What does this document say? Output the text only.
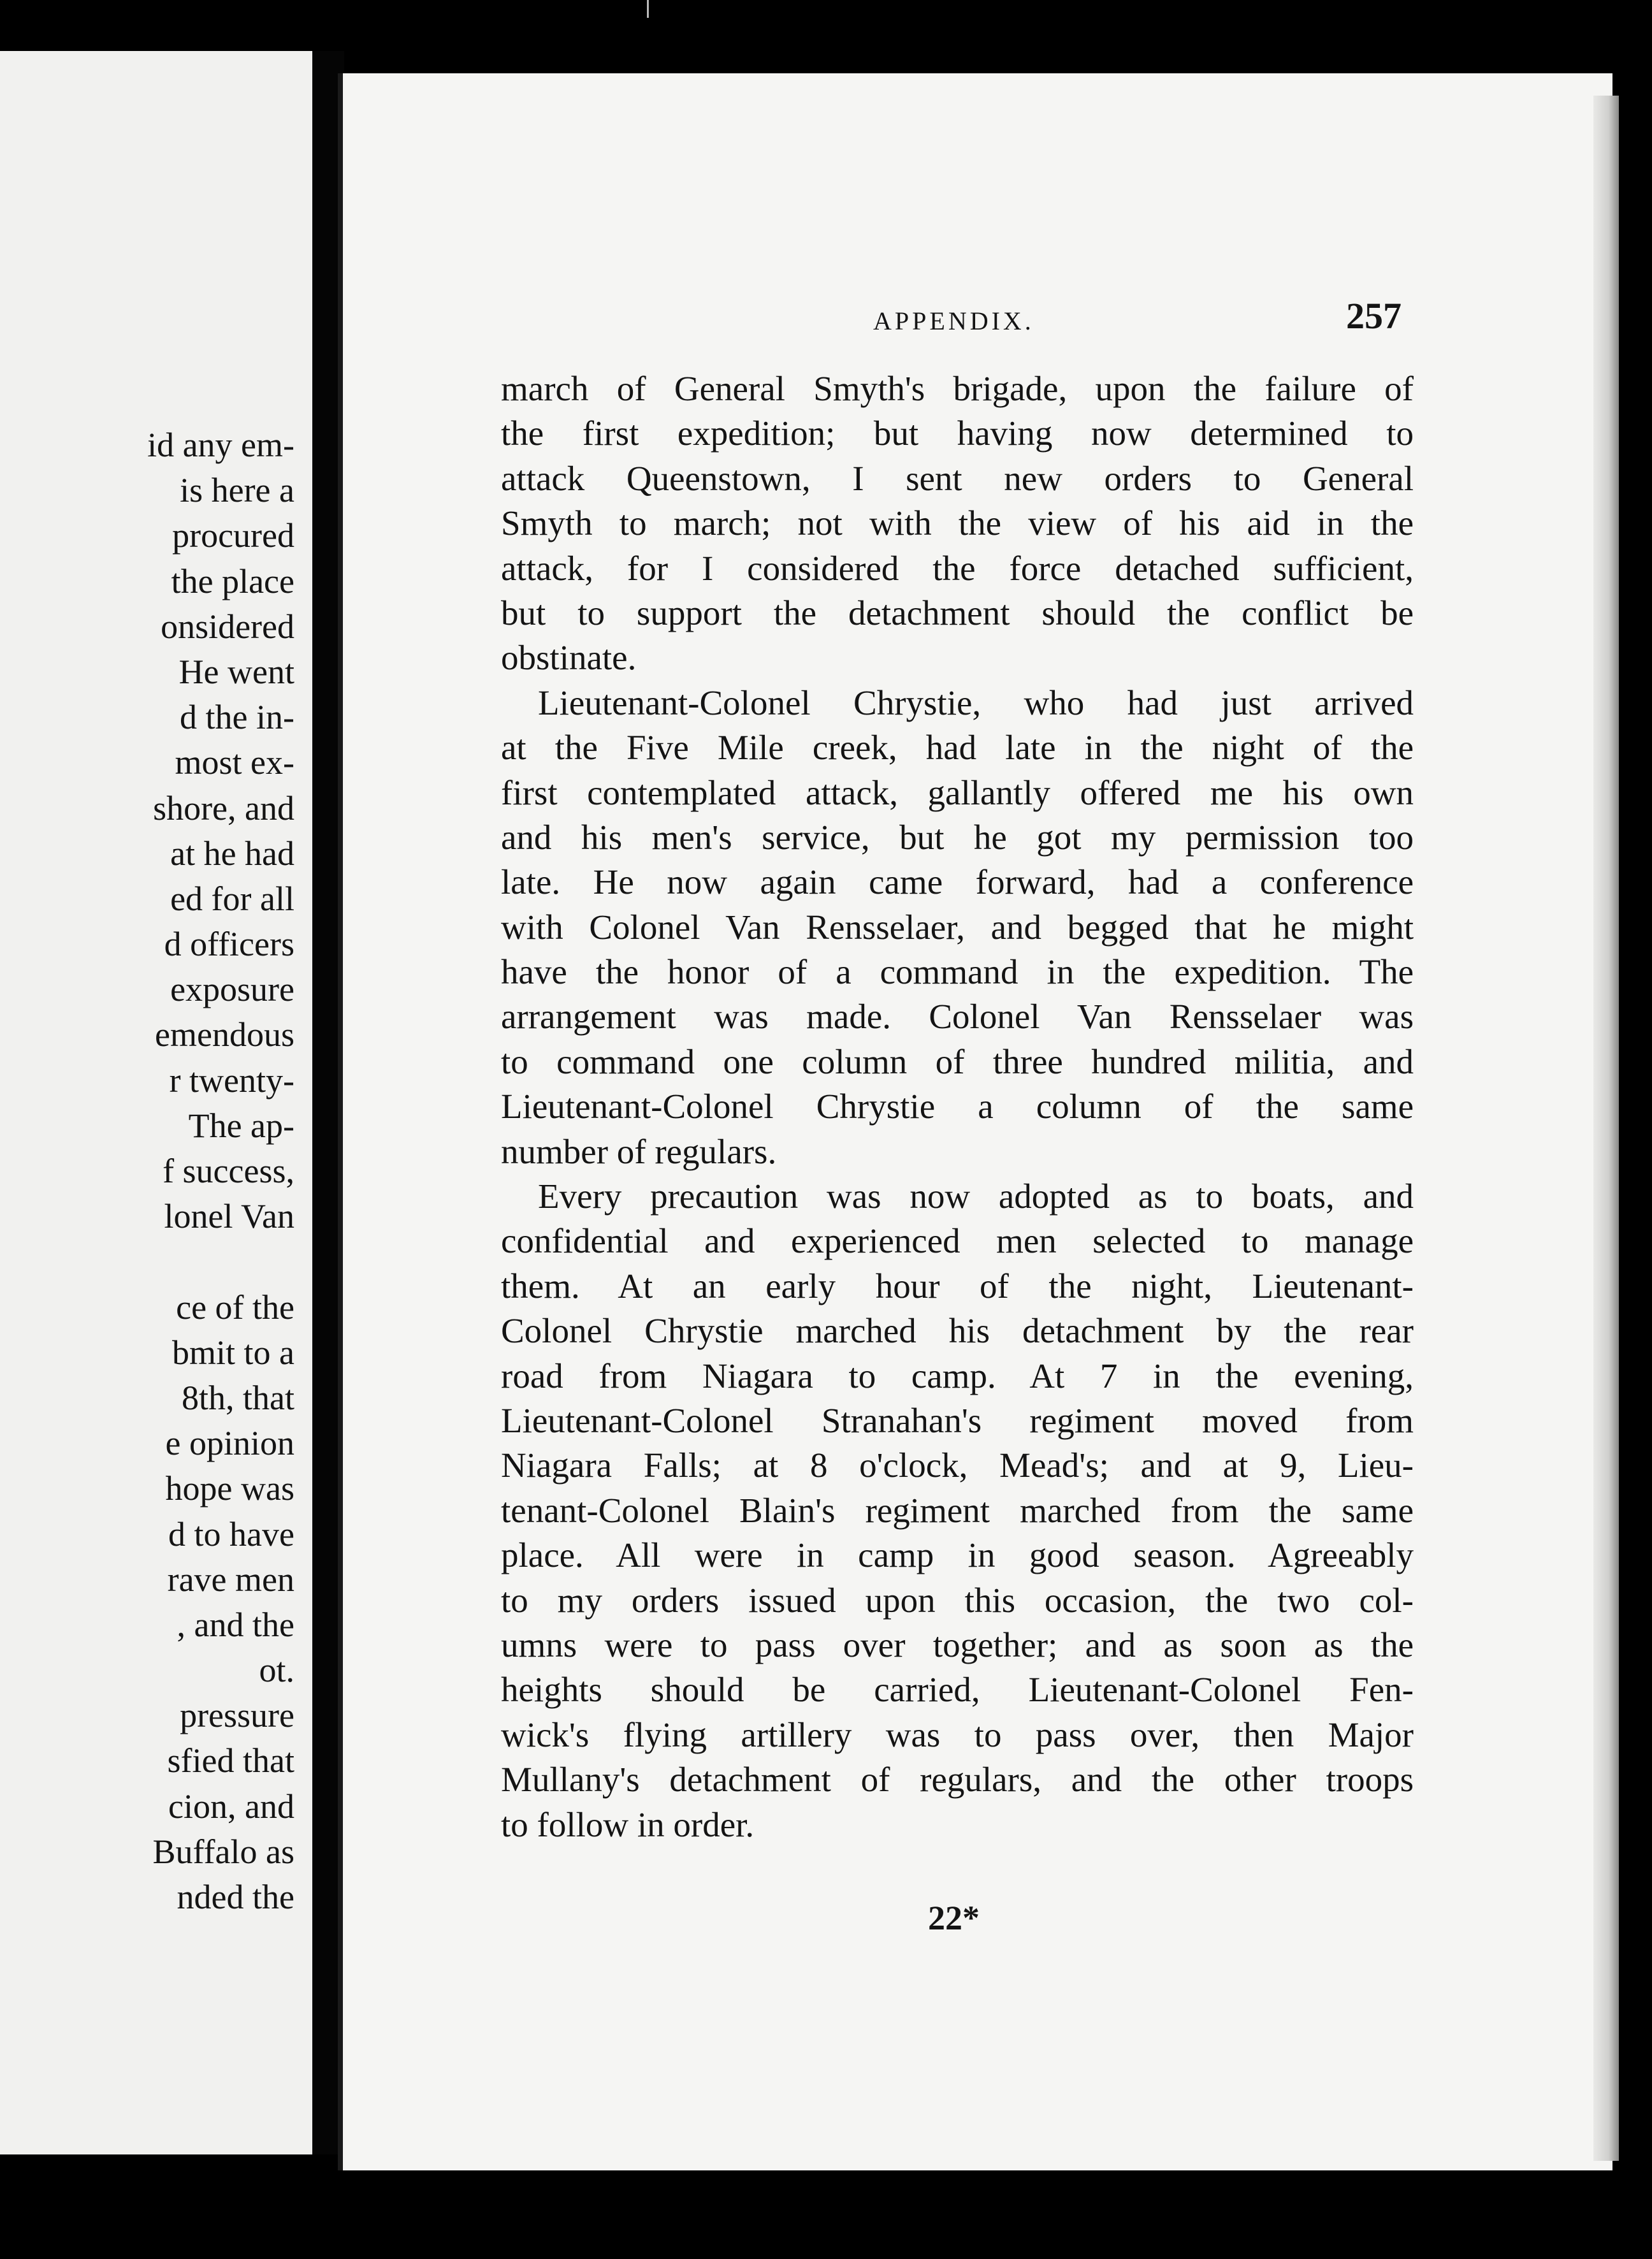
id any em-
is here a
procured
the place
onsidered
He went
d the in-
most ex-
shore, and
at he had
ed for all
d officers
exposure
emendous
r twenty-
The ap-
f success,
lonel Van
ce of the
bmit to a
8th, that
e opinion
hope was
d to have
rave men
, and the
ot.
pressure
sfied that
cion, and
Buffalo as
nded the
APPENDIX.	257
march of General Smyth's brigade, upon the failure of
the first expedition; but having now determined to
attack Queenstown, I sent new orders to General
Smyth to march; not with the view of his aid in the
attack, for I considered the force detached sufficient,
but to support the detachment should the conflict be
obstinate.
Lieutenant-Colonel Chrystie, who had just arrived
at the Five Mile creek, had late in the night of the
first contemplated attack, gallantly offered me his own
and his men's service, but he got my permission too
late. He now again came forward, had a conference
with Colonel Van Rensselaer, and begged that he might
have the honor of a command in the expedition. The
arrangement was made. Colonel Van Rensselaer was
to command one column of three hundred militia, and
Lieutenant-Colonel Chrystie a column of the same
number of regulars.
Every precaution was now adopted as to boats, and
confidential and experienced men selected to manage
them. At an early hour of the night, Lieutenant-
Colonel Chrystie marched his detachment by the rear
road from Niagara to camp. At 7 in the evening,
Lieutenant-Colonel Stranahan's regiment moved from
Niagara Falls; at 8 o'clock, Mead's; and at 9, Lieu-
tenant-Colonel Blain's regiment marched from the same
place. All were in camp in good season. Agreeably
to my orders issued upon this occasion, the two col-
umns were to pass over together; and as soon as the
heights should be carried, Lieutenant-Colonel Fen-
wick's flying artillery was to pass over, then Major
Mullany's detachment of regulars, and the other troops
to follow in order.
22*
